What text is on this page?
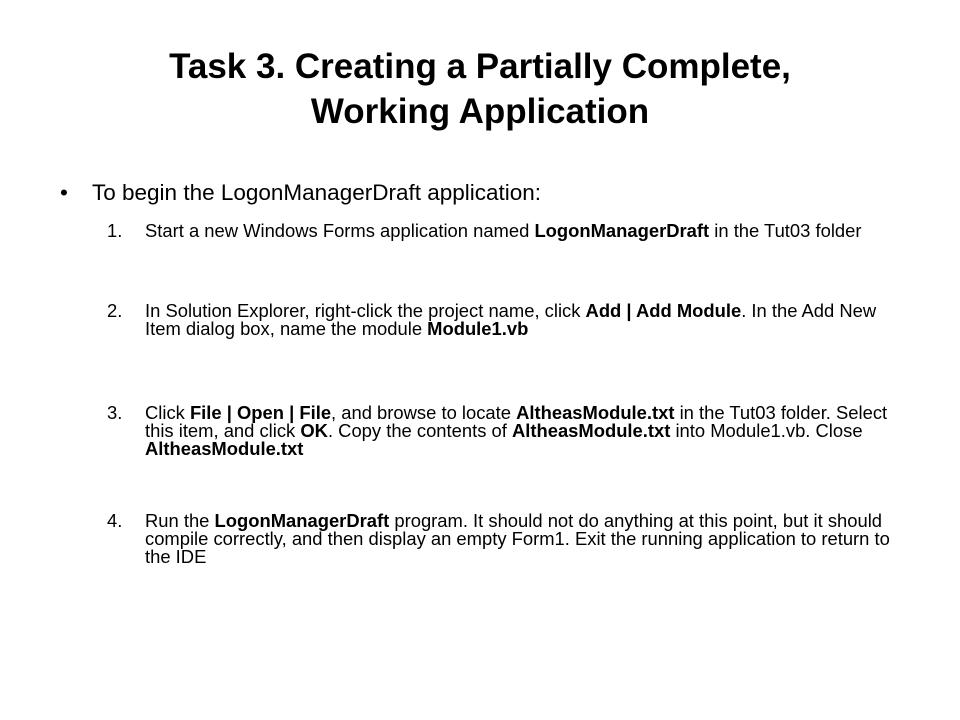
Task 3. Creating a Partially Complete,
Working Application
•	To begin the LogonManagerDraft application:
1.	Start a new Windows Forms application named LogonManagerDraft in the Tut03 folder
2.	In Solution Explorer, right-click the project name, click Add | Add Module. In the Add New Item dialog box, name the module Module1.vb
3.	Click File | Open | File, and browse to locate AltheasModule.txt in the Tut03 folder. Select this item, and click OK. Copy the contents of AltheasModule.txt into Module1.vb. Close AltheasModule.txt
4.	Run the LogonManagerDraft program. It should not do anything at this point, but it should compile correctly, and then display an empty Form1. Exit the running application to return to the IDE
